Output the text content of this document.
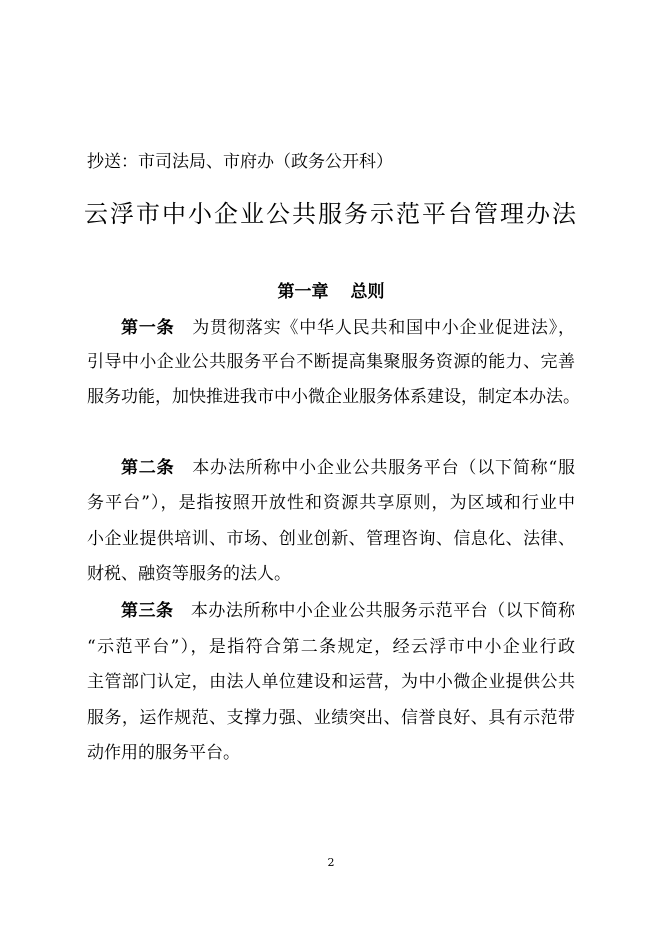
抄送：市司法局、市府办（政务公开科）
云浮市中小企业公共服务示范平台管理办法
第一章 总则
第一条 为贯彻落实《中华人民共和国中小企业促进法》，
引导中小企业公共服务平台不断提高集聚服务资源的能力、完善
服务功能，加快推进我市中小微企业服务体系建设，制定本办法。
第二条 本办法所称中小企业公共服务平台（以下简称“服
务平台”），是指按照开放性和资源共享原则，为区域和行业中
小企业提供培训、市场、创业创新、管理咨询、信息化、法律、
财税、融资等服务的法人。
第三条 本办法所称中小企业公共服务示范平台（以下简称
“示范平台”），是指符合第二条规定，经云浮市中小企业行政
主管部门认定，由法人单位建设和运营，为中小微企业提供公共
服务，运作规范、支撑力强、业绩突出、信誉良好、具有示范带
动作用的服务平台。
2
